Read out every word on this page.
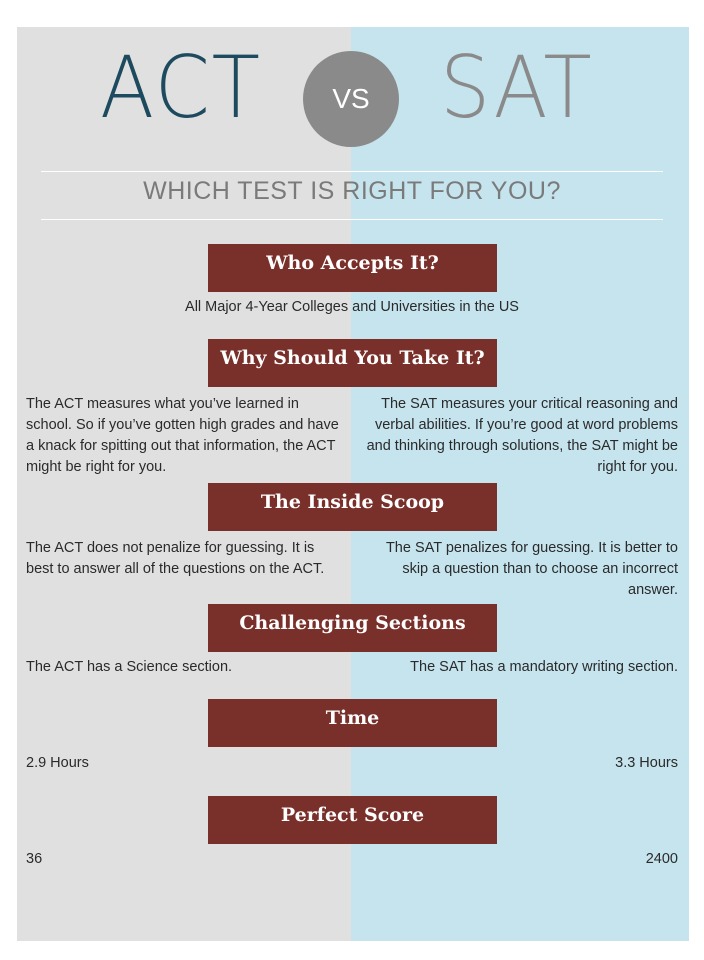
ACT	VS SAT
WHICH TEST IS RIGHT FOR YOU?
Who Accepts It?
All Major 4-Year Colleges and Universities in the US
Why Should You Take It?
The ACT measures what you’ve learned in school. So if you’ve gotten high grades and have a knack for spitting out that information, the ACT might be right for you.
The SAT measures your critical reasoning and verbal abilities. If you’re good at word problems and thinking through solutions, the SAT might be right for you.
The Inside Scoop
The ACT does not penalize for guessing. It is best to answer all of the questions on the ACT.
The SAT penalizes for guessing. It is better to skip a question than to choose an incorrect answer.
Challenging Sections
The ACT has a Science section.	The SAT has a mandatory writing section.
Time
2.9 Hours	3.3 Hours
Perfect Score
36	2400
